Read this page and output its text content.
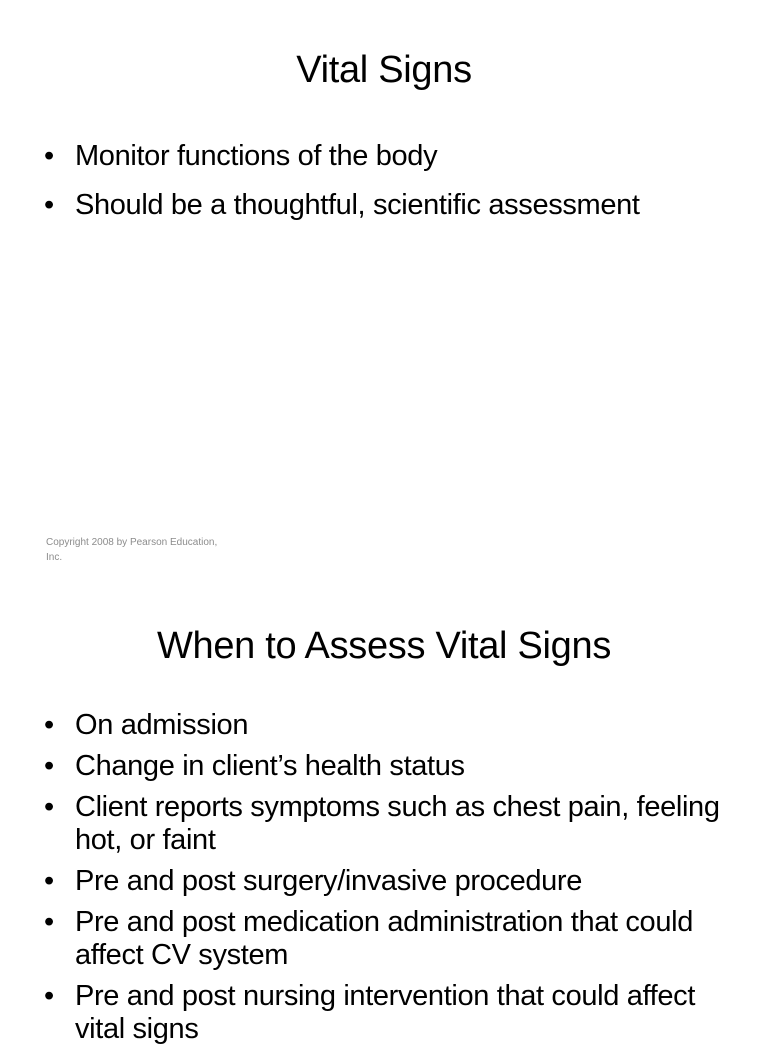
Vital Signs
• Monitor functions of the body
• Should be a thoughtful, scientific assessment
Copyright 2008 by Pearson Education, Inc.
When to Assess Vital Signs
• On admission
• Change in client’s health status
• Client reports symptoms such as chest pain, feeling hot, or faint
• Pre and post surgery/invasive procedure
• Pre and post medication administration that could affect CV system
• Pre and post nursing intervention that could affect vital signs
